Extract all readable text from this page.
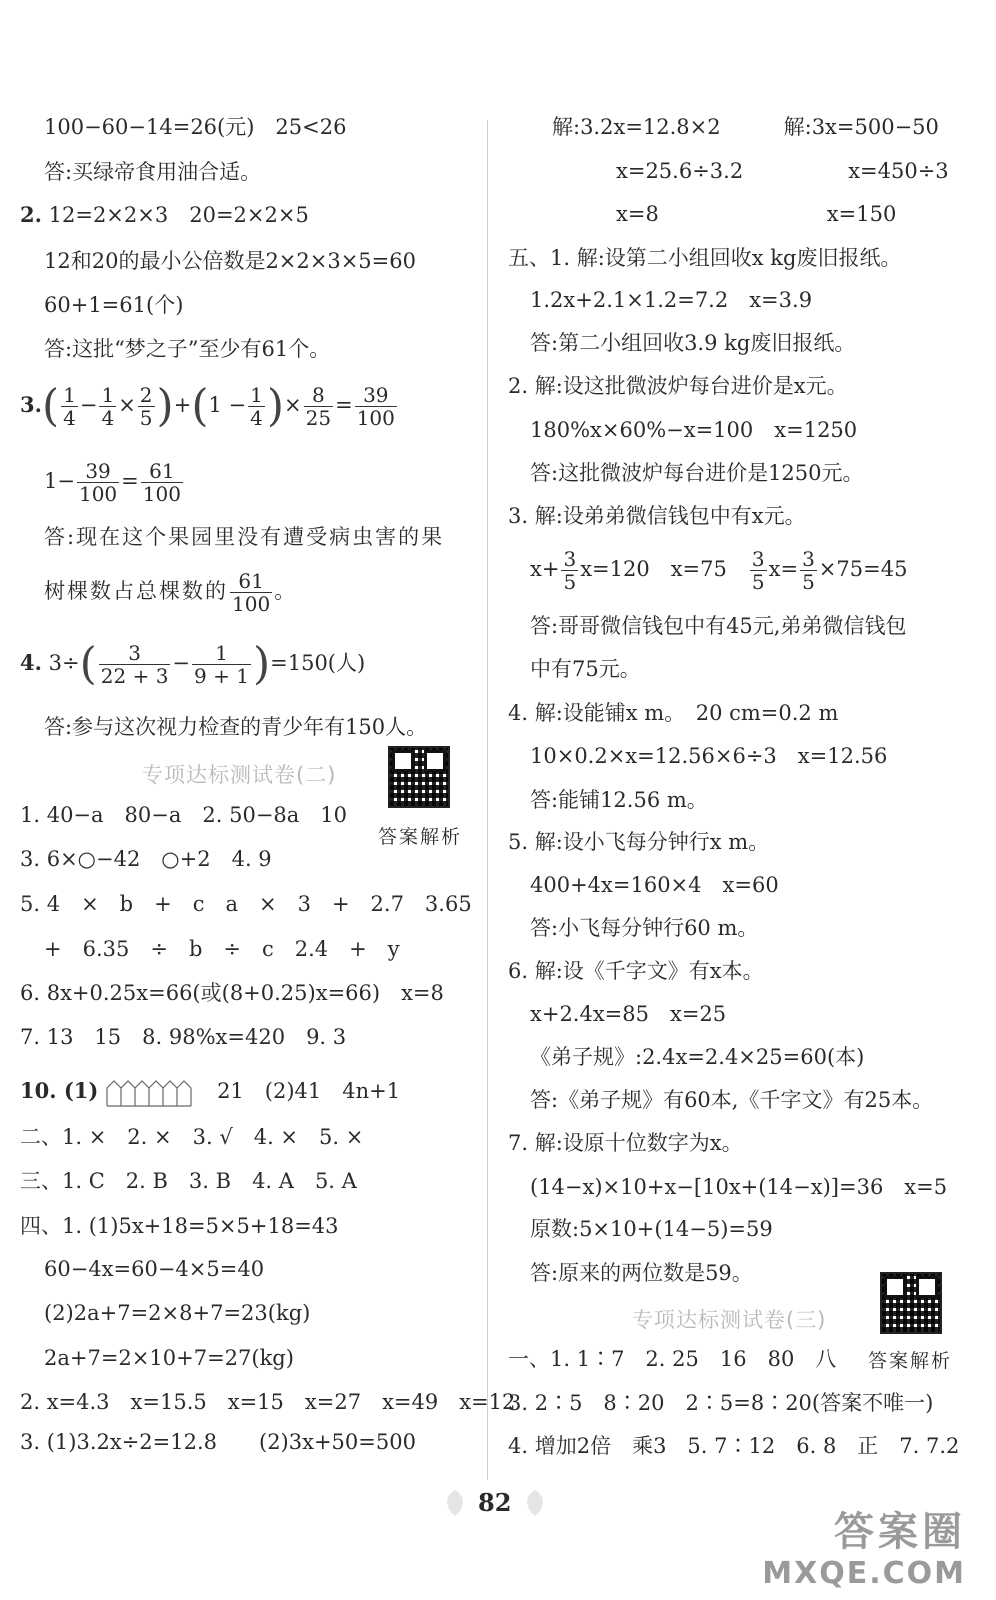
100−60−14=26(元)　25<26
答:买绿帝食用油合适。
2. 12=2×2×3　20=2×2×5
12和20的最小公倍数是2×2×3×5=60
60+1=61(个)
答:这批“梦之子”至少有61个。
$3.( \frac{1}{4} - \frac{1}{4} \times \frac{2}{5} )+(1 - \frac{1}{4}$ )× $\frac{8}{25} = \frac{39}{100}$
$1- \frac{39}{100} = \frac{61}{100}$
答:现在这个果园里没有遭受病虫害的果
树棵数占总棵数的 $\frac{61}{100}$ 。
4. $3\div( \frac{3}{22 + 3} - \frac{1}{9 + 1} )=150$(人)
答:参与这次视力检查的青少年有150人。
专项达标测试卷(二)
答案解析
1. 40−a　80−a　2. 50−8a　10
3. 6×○−42　○+2　4. 9
5. 4　×　b　+　c　a　×　3　+　2.7　3.65
+　6.35　÷　b　÷　c　2.4　+　y
6. 8x+0.25x=66(或(8+0.25)x=66)　x=8
7. 13　15　8. 98%x=420　9. 3
10. (1)	21　(2)41　4n+1
二、1. ×　2. ×　3. √　4. ×　5. ×
三、1. C　2. B　3. B　4. A　5. A
四、1. (1)5x+18=5×5+18=43
60−4x=60−4×5=40
(2)2a+7=2×8+7=23(kg)
2a+7=2×10+7=27(kg)
2. x=4.3　x=15.5　x=15　x=27　x=49　x=12
3. (1)3.2x÷2=12.8　　(2)3x+50=500
解:3.2x=12.8×2　　　解:3x=500−50
x=25.6÷3.2　　　　　x=450÷3
x=8　　　　　　　　x=150
五、1. 解:设第二小组回收x kg废旧报纸。
1.2x+2.1×1.2=7.2　x=3.9
答:第二小组回收3.9 kg废旧报纸。
2. 解:设这批微波炉每台进价是x元。
180%x×60%−x=100　x=1250
答:这批微波炉每台进价是1250元。
3. 解:设弟弟微信钱包中有x元。
$x+ \frac{3}{5} x=120$　x=75　 $\frac{3}{5} x= \frac{3}{5} \times 75=45$
答:哥哥微信钱包中有45元,弟弟微信钱包
中有75元。
4. 解:设能铺x m。　20 cm=0.2 m
10×0.2×x=12.56×6÷3　x=12.56
答:能铺12.56 m。
5. 解:设小飞每分钟行x m。
400+4x=160×4　x=60
答:小飞每分钟行60 m。
6. 解:设《千字文》有x本。
x+2.4x=85　x=25
《弟子规》:2.4x=2.4×25=60(本)
答:《弟子规》有60本,《千字文》有25本。
7. 解:设原十位数字为x。
(14−x)×10+x−[10x+(14−x)]=36　x=5
原数:5×10+(14−5)=59
答:原来的两位数是59。
专项达标测试卷(三)
答案解析
一、1. 1∶7　2. 25　16　80　八
3. 2∶5　8∶20　2∶5=8∶20(答案不唯一)
4. 增加2倍　乘3　5. 7∶12　6. 8　正　7. 7.2
82
答案圈
MXQE.COM
